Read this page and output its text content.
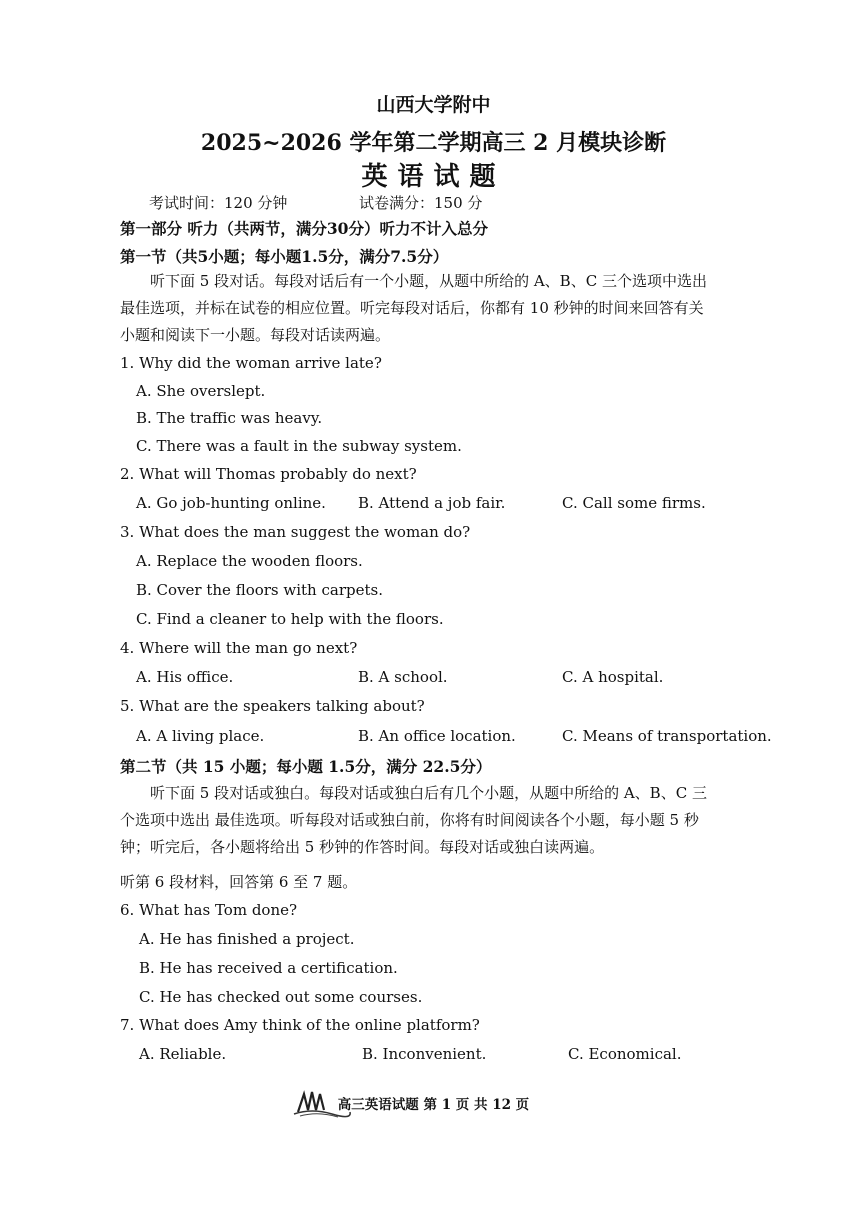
山西大学附中
2025~2026 学年第二学期高三 2 月模块诊断
英语试题
考试时间：120 分钟	试卷满分：150 分
第一部分 听力（共两节，满分30分）听力不计入总分
第一节（共5小题；每小题1.5分，满分7.5分）
听下面 5 段对话。每段对话后有一个小题，从题中所给的 A、B、C 三个选项中选出
最佳选项，并标在试卷的相应位置。听完每段对话后，你都有 10 秒钟的时间来回答有关
小题和阅读下一小题。每段对话读两遍。
1. Why did the woman arrive late?
A. She overslept.
B. The traffic was heavy.
C. There was a fault in the subway system.
2. What will Thomas probably do next?
A. Go job-hunting online. B. Attend a job fair.	C. Call some firms.
3. What does the man suggest the woman do?
A. Replace the wooden floors.
B. Cover the floors with carpets.
C. Find a cleaner to help with the floors.
4. Where will the man go next?
A. His office.	B. A school.	C. A hospital.
5. What are the speakers talking about?
A. A living place.	B. An office location.	C. Means of transportation.
第二节（共 15 小题；每小题 1.5分，满分 22.5分）
听下面 5 段对话或独白。每段对话或独白后有几个小题，从题中所给的 A、B、C 三
个选项中选出 最佳选项。听每段对话或独白前，你将有时间阅读各个小题，每小题 5 秒
钟；听完后，各小题将给出 5 秒钟的作答时间。每段对话或独白读两遍。
听第 6 段材料，回答第 6 至 7 题。
6. What has Tom done?
A. He has finished a project.
B. He has received a certification.
C. He has checked out some courses.
7. What does Amy think of the online platform?
A. Reliable.	B. Inconvenient.	C. Economical.
高三英语试题 第 1 页 共 12 页
